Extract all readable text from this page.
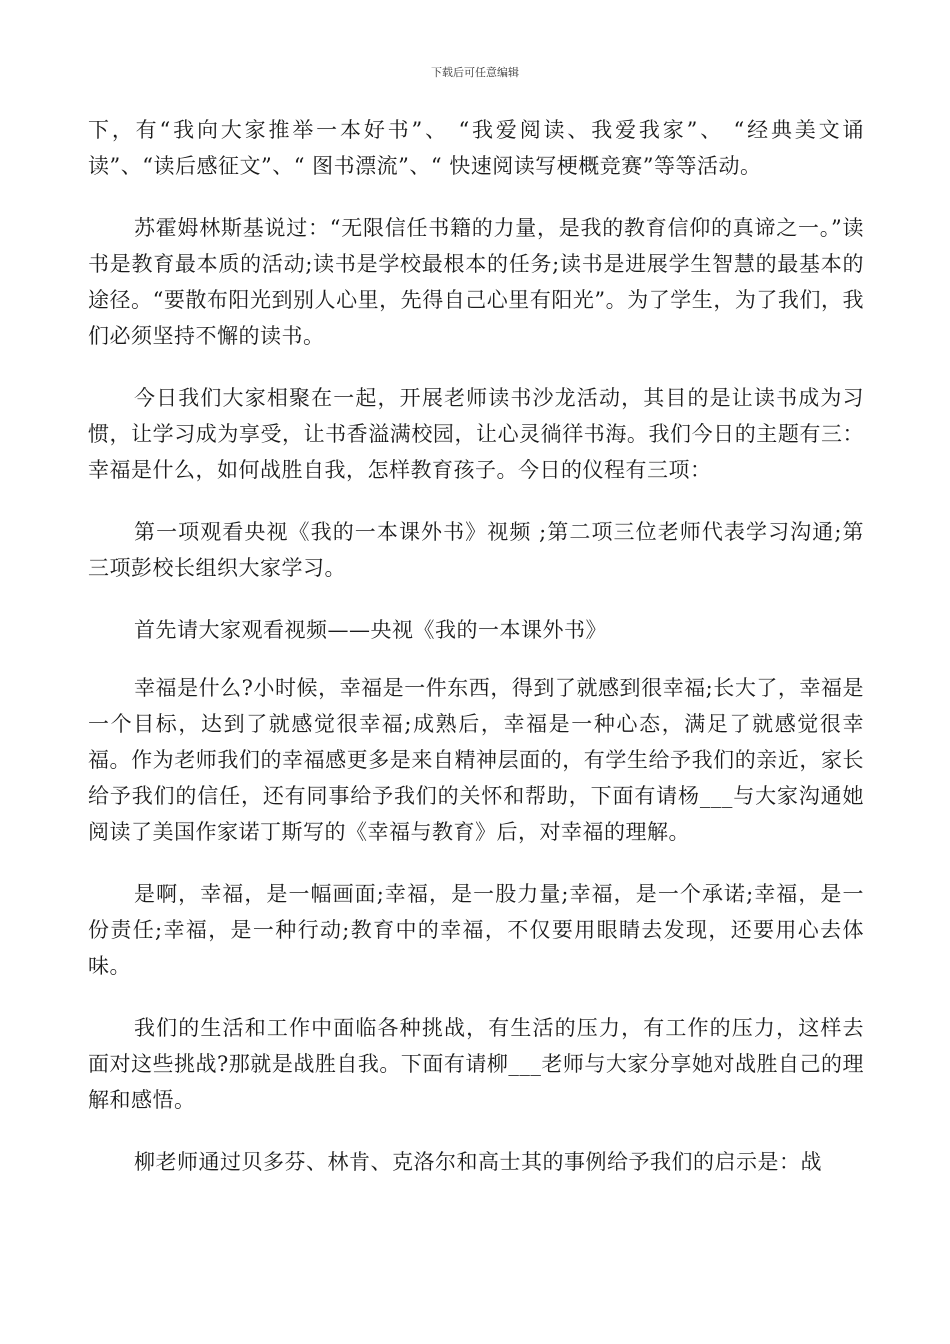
下载后可任意编辑

下，有“我向大家推举一本好书”、 “我爱阅读、我爱我家”、 “经典美文诵读”、“读后感征文”、“ 图书漂流”、“ 快速阅读写梗概竞赛”等等活动。

苏霍姆林斯基说过：“无限信任书籍的力量，是我的教育信仰的真谛之一。”读书是教育最本质的活动;读书是学校最根本的任务;读书是进展学生智慧的最基本的途径。“要散布阳光到别人心里，先得自己心里有阳光”。为了学生，为了我们，我们必须坚持不懈的读书。

今日我们大家相聚在一起，开展老师读书沙龙活动，其目的是让读书成为习惯，让学习成为享受，让书香溢满校园，让心灵徜徉书海。我们今日的主题有三：幸福是什么，如何战胜自我，怎样教育孩子。今日的仪程有三项：

第一项观看央视《我的一本课外书》视频 ;第二项三位老师代表学习沟通;第三项彭校长组织大家学习。

首先请大家观看视频——央视《我的一本课外书》

幸福是什么?小时候，幸福是一件东西，得到了就感到很幸福;长大了，幸福是一个目标，达到了就感觉很幸福;成熟后，幸福是一种心态，满足了就感觉很幸福。作为老师我们的幸福感更多是来自精神层面的，有学生给予我们的亲近，家长给予我们的信任，还有同事给予我们的关怀和帮助，下面有请杨___与大家沟通她阅读了美国作家诺丁斯写的《幸福与教育》后，对幸福的理解。

是啊，幸福，是一幅画面;幸福，是一股力量;幸福，是一个承诺;幸福，是一份责任;幸福，是一种行动;教育中的幸福，不仅要用眼睛去发现，还要用心去体味。

我们的生活和工作中面临各种挑战，有生活的压力，有工作的压力，这样去面对这些挑战?那就是战胜自我。下面有请柳___老师与大家分享她对战胜自己的理解和感悟。

柳老师通过贝多芬、林肯、克洛尔和高士其的事例给予我们的启示是：战
